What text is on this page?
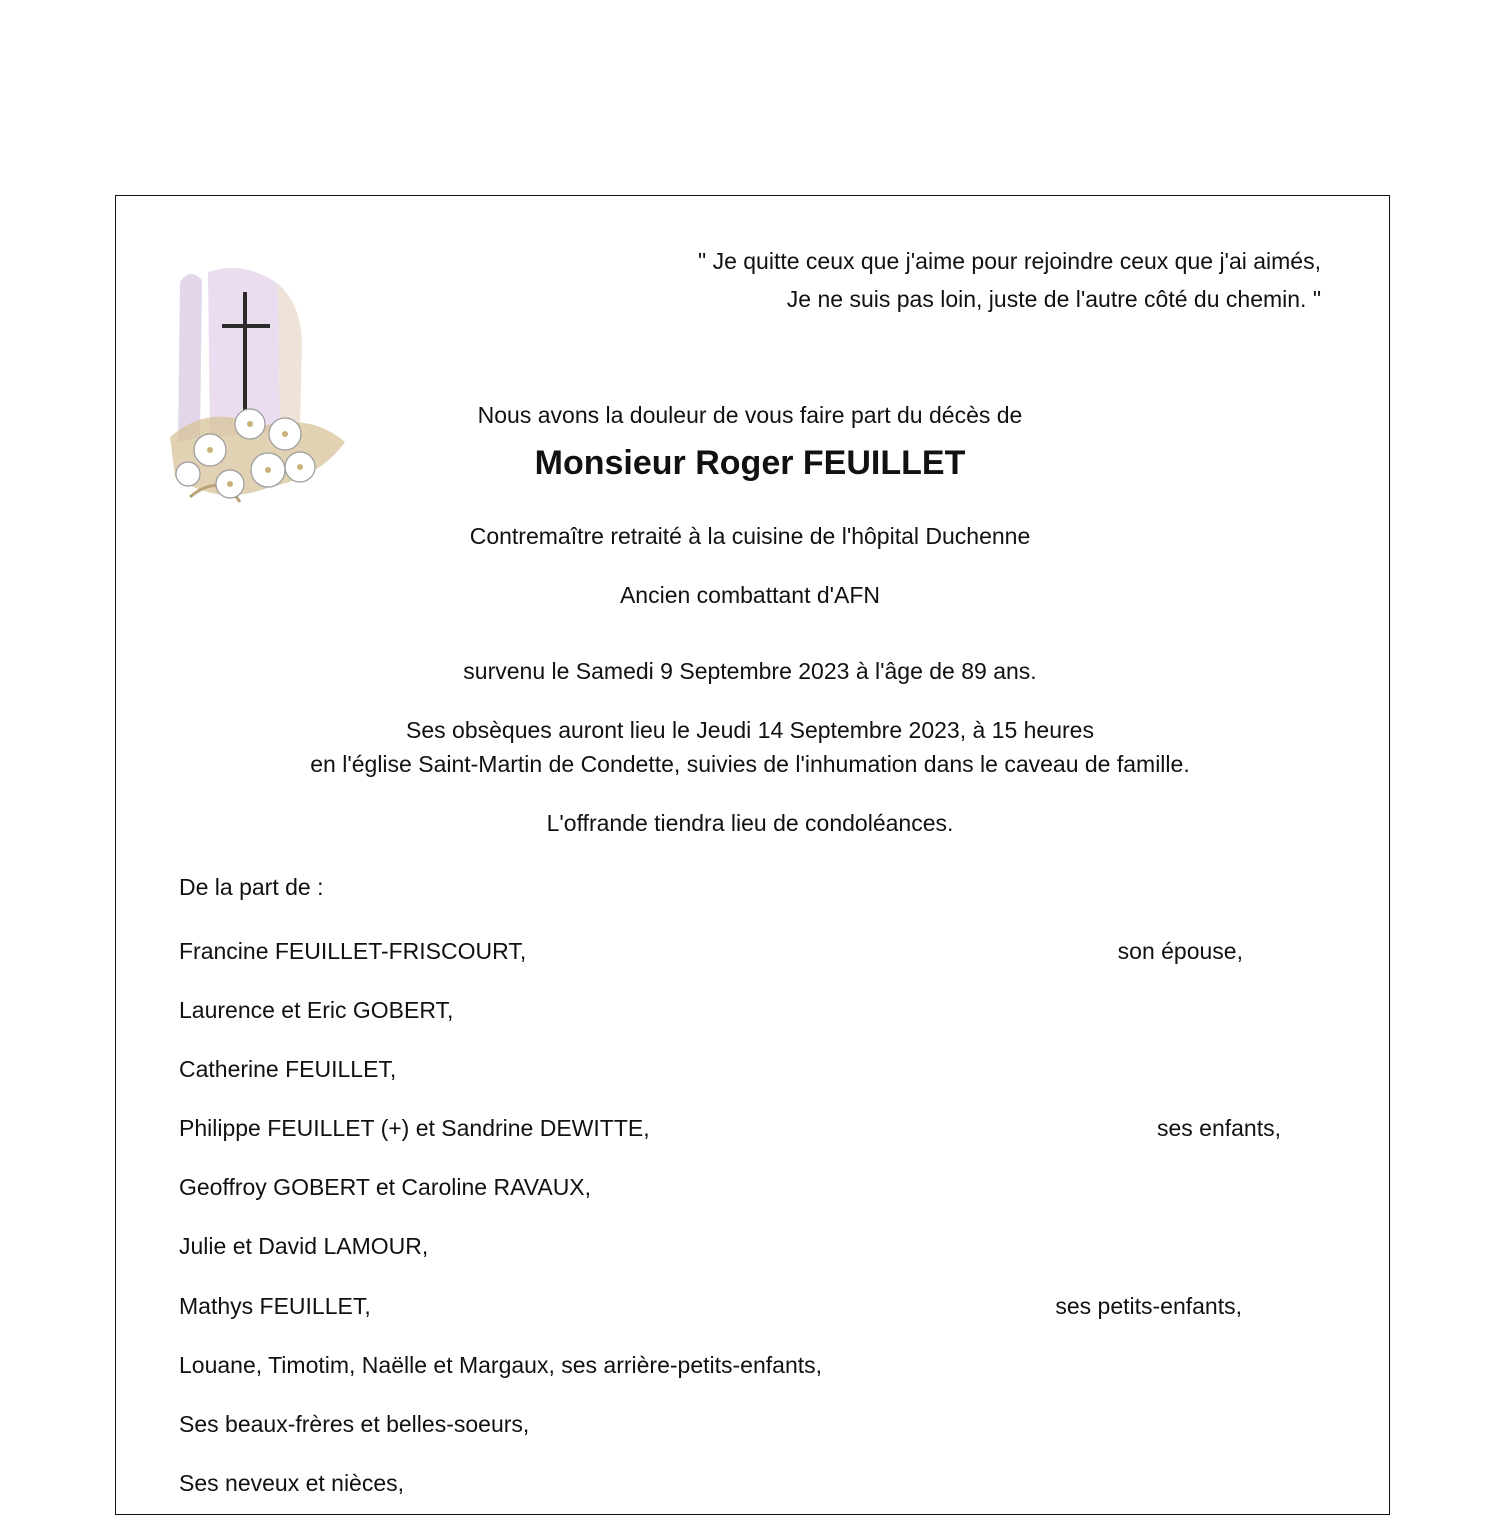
" Je quitte ceux que j'aime pour rejoindre ceux que j'ai aimés,
Je ne suis pas loin, juste de l'autre côté du chemin. "
Nous avons la douleur de vous faire part du décès de
Monsieur Roger FEUILLET
Contremaître retraité à la cuisine de l'hôpital Duchenne
Ancien combattant d'AFN
survenu le Samedi 9 Septembre 2023 à l'âge de 89 ans.
Ses obsèques auront lieu le Jeudi 14 Septembre 2023, à 15 heures
en l'église Saint-Martin de Condette, suivies de l'inhumation dans le caveau de famille.
L'offrande tiendra lieu de condoléances.
De la part de :
Francine FEUILLET-FRISCOURT,	son épouse,
Laurence et Eric GOBERT,
Catherine FEUILLET,
Philippe FEUILLET (+) et Sandrine DEWITTE,	ses enfants,
Geoffroy GOBERT et Caroline RAVAUX,
Julie et David LAMOUR,
Mathys FEUILLET,	ses petits-enfants,
Louane, Timotim, Naëlle et Margaux, ses arrière-petits-enfants,
Ses beaux-frères et belles-soeurs,
Ses neveux et nièces,
